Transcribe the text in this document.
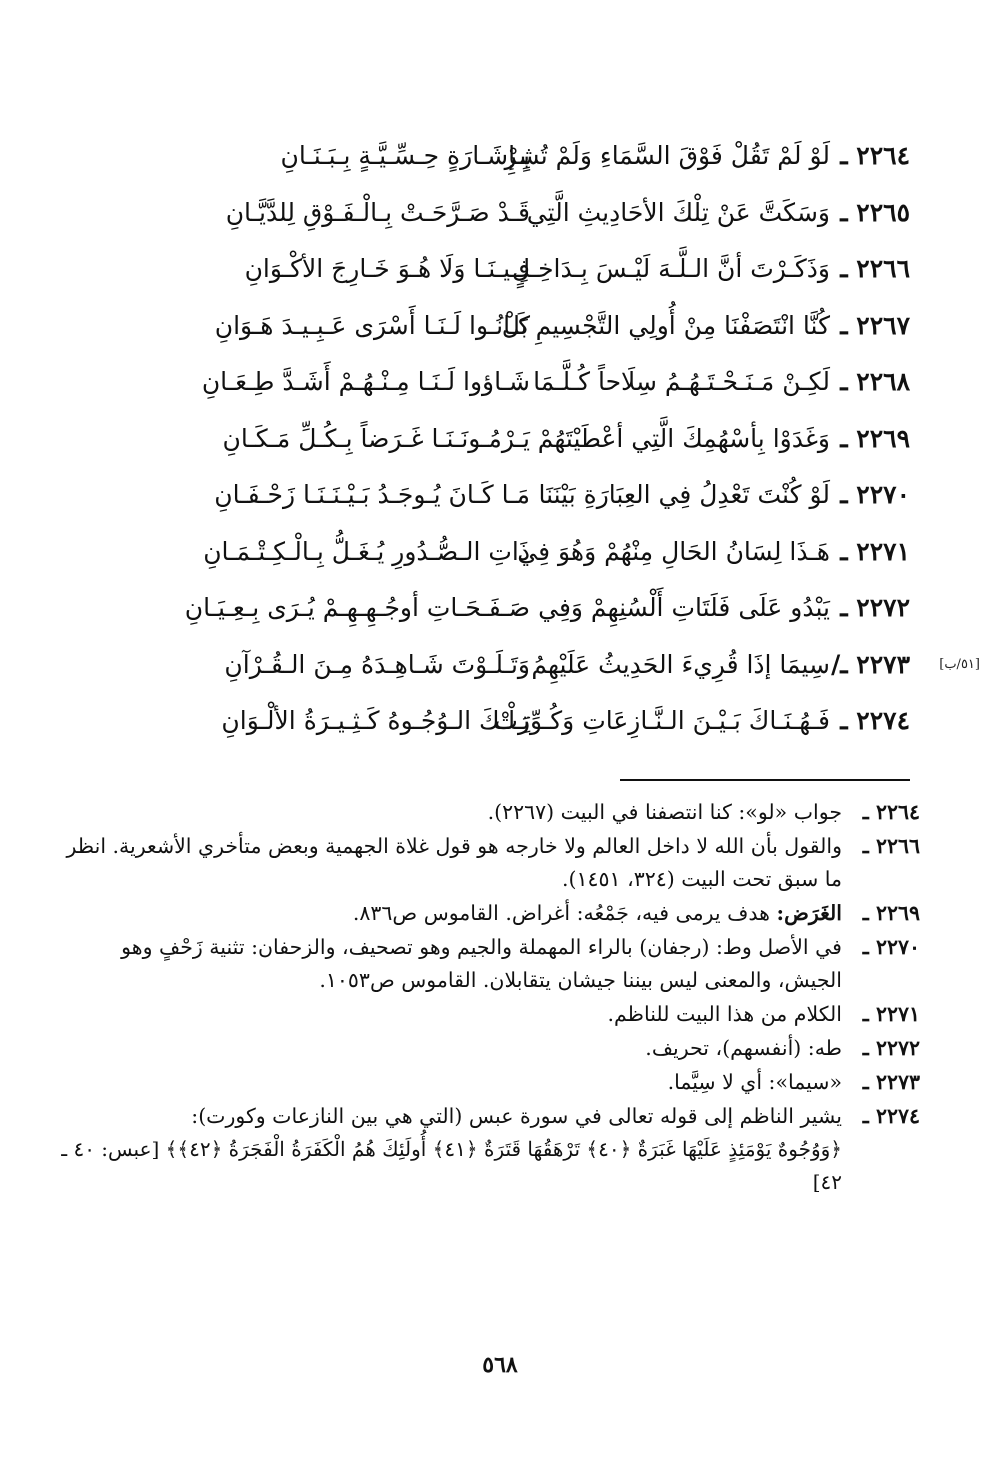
٢٢٦٤ ـ
لَوْ لَمْ تَقُلْ فَوْقَ السَّمَاءِ وَلَمْ تُشِرْ
بِـإِشَـارَةٍ حِـسِّـيَّـةٍ بِـبَـنَـانِ
٢٢٦٥ ـ
وَسَكَتَّ عَنْ تِلْكَ الأحَادِيثِ الَّتِي
قَـدْ صَـرَّحَـتْ بِـالْـفَـوْقِ لِلدَّيَّـانِ
٢٢٦٦ ـ
وَذَكَـرْتَ أنَّ الـلَّـهَ لَيْـسَ بِـدَاخِـلٍ
فِـيـنَـا وَلَا هُـوَ خَـارِجَ الأكْـوَانِ
٢٢٦٧ ـ
كُنَّا انْتَصَفْنَا مِنْ أُولِي التَّجْسِيمِ بَلْ
كَـانُـوا لَـنَـا أَسْرَى عَـبِـيـدَ هَـوَانِ
٢٢٦٨ ـ
لَكِـنْ مَـنَـحْـتَـهُـمُ سِلَاحاً كُـلَّـمَا
شَـاؤوا لَـنَـا مِـنْـهُـمْ أَشَـدَّ طِـعَـانِ
٢٢٦٩ ـ
وَغَدَوْا بِأسْهُمِكَ الَّتِي أعْطَيْتَهُمْ
يَـرْمُـونَـنَـا غَـرَضاً بِـكُـلِّ مَـكَـانِ
٢٢٧٠ ـ
لَوْ كُنْتَ تَعْدِلُ فِي العِبَارَةِ بَيْنَنَا
مَـا كَـانَ يُـوجَـدُ بَـيْـنَـنَـا زَحْـفَـانِ
٢٢٧١ ـ
هَـذَا لِسَانُ الحَالِ مِنْهُمْ وَهُوَ فِي
ذَاتِ الـصُّـدُورِ يُـغَـلُّ بِـالْـكِـتْـمَـانِ
٢٢٧٢ ـ
يَبْدُو عَلَى فَلَتَاتِ أَلْسُنِهِمْ وَفِي
صَـفَـحَـاتِ أوجُـهِـهِـمْ يُـرَى بِـعِـيَـانِ
[٥١/ب]
٢٢٧٣ ـ/
سِيمَا إذَا قُرِيءَ الحَدِيثُ عَلَيْهِمُ
وَتَـلَـوْتَ شَـاهِـدَهُ مِـنَ الـقُـرْآنِ
٢٢٧٤ ـ
فَـهُـنَـاكَ بَـيْـنَ الـنَّـازِعَاتِ وَكُـوِّرَتْ
تِـلْـكَ الـوُجُـوهُ كَـثِـيـرَةُ الألْـوَانِ
٢٢٦٤ ـ
جواب «لو»: كنا انتصفنا في البيت (٢٢٦٧).
٢٢٦٦ ـ
والقول بأن الله لا داخل العالم ولا خارجه هو قول غلاة الجهمية وبعض متأخري الأشعرية. انظر ما سبق تحت البيت (٣٢٤، ١٤٥١).
٢٢٦٩ ـ
الغَرَض: هدف يرمى فيه، جَمْعُه: أغراض. القاموس ص٨٣٦.
٢٢٧٠ ـ
في الأصل وط: (رجفان) بالراء المهملة والجيم وهو تصحيف، والزحفان: تثنية زَحْفٍ وهو الجيش، والمعنى ليس بيننا جيشان يتقابلان. القاموس ص١٠٥٣.
٢٢٧١ ـ
الكلام من هذا البيت للناظم.
٢٢٧٢ ـ
طه: (أنفسهم)، تحريف.
٢٢٧٣ ـ
«سيما»: أي لا سِيَّما.
٢٢٧٤ ـ
يشير الناظم إلى قوله تعالى في سورة عبس (التي هي بين النازعات وكورت):
﴿وَوُجُوهٌ يَوْمَئِذٍ عَلَيْهَا غَبَرَةٌ ﴿٤٠﴾ تَرْهَقُهَا قَتَرَةٌ ﴿٤١﴾ أُولَئِكَ هُمُ الْكَفَرَةُ الْفَجَرَةُ ﴿٤٢﴾﴾ [عبس: ٤٠ ـ ٤٢]
٥٦٨
